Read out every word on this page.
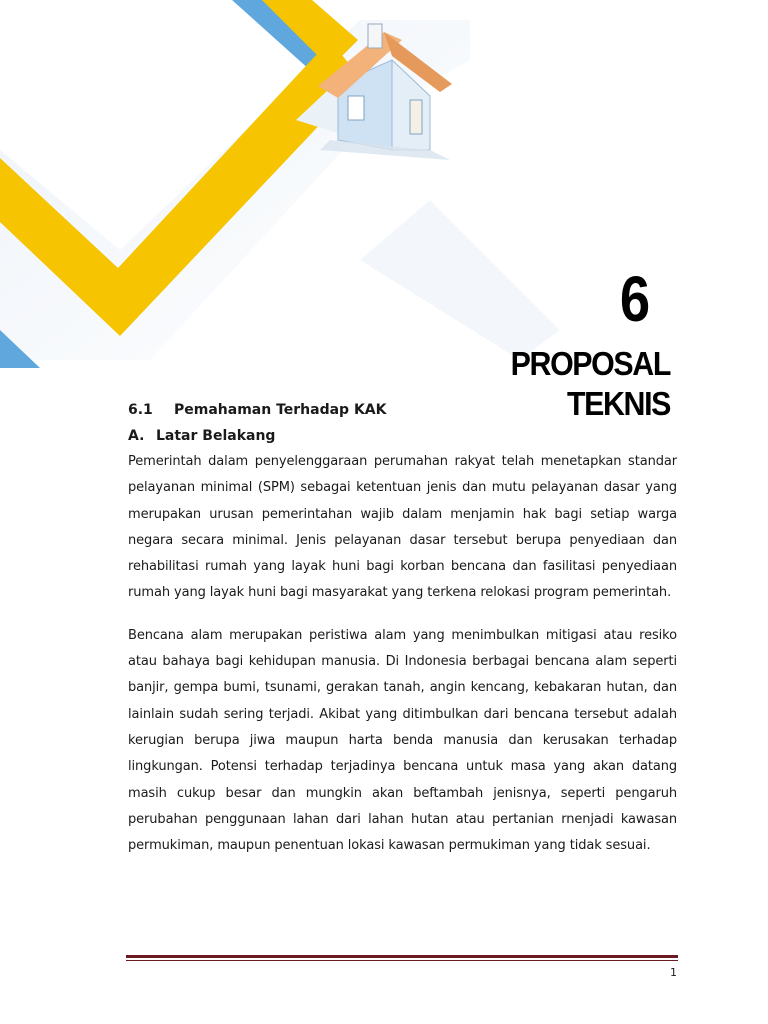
6
PROPOSAL TEKNIS
6.1	Pemahaman Terhadap KAK
A. Latar Belakang

Pemerintah dalam penyelenggaraan perumahan rakyat telah menetapkan standar pelayanan minimal (SPM) sebagai ketentuan jenis dan mutu pelayanan dasar yang merupakan urusan pemerintahan wajib dalam menjamin hak bagi setiap warga negara secara minimal. Jenis pelayanan dasar tersebut berupa penyediaan dan rehabilitasi rumah yang layak huni bagi korban bencana dan fasilitasi penyediaan rumah yang layak huni bagi masyarakat yang terkena relokasi program pemerintah.

Bencana alam merupakan peristiwa alam yang menimbulkan mitigasi atau resiko atau bahaya bagi kehidupan manusia. Di Indonesia berbagai bencana alam seperti banjir, gempa bumi, tsunami, gerakan tanah, angin kencang, kebakaran hutan, dan lainlain sudah sering terjadi. Akibat yang ditimbulkan dari bencana tersebut adalah kerugian berupa jiwa maupun harta benda manusia dan kerusakan terhadap lingkungan. Potensi terhadap terjadinya bencana untuk masa yang akan datang masih cukup besar dan mungkin akan beftambah jenisnya, seperti pengaruh perubahan penggunaan lahan dari lahan hutan atau pertanian rnenjadi kawasan permukiman, maupun penentuan lokasi kawasan permukiman yang tidak sesuai.

1
